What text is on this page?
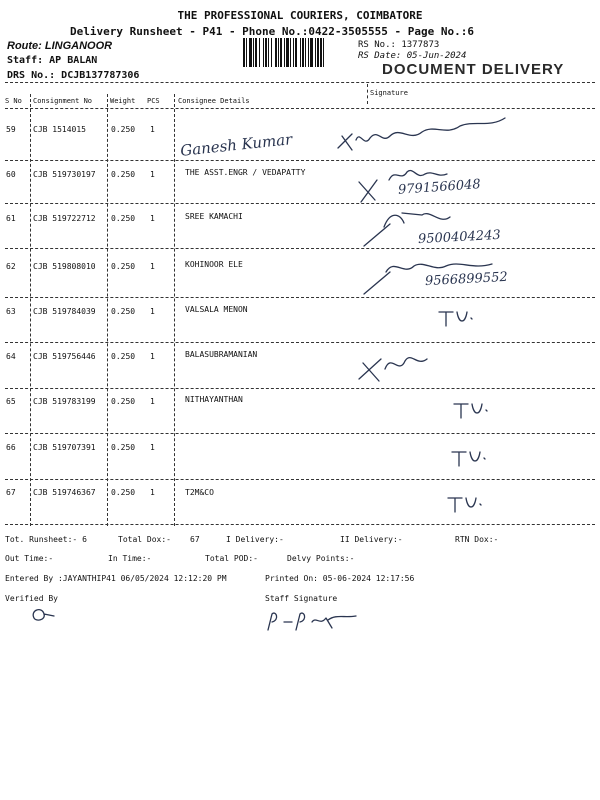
THE PROFESSIONAL COURIERS, COIMBATORE
Delivery Runsheet - P41 - Phone No.:0422-3505555 - Page No.:6
Route: LINGANOOR
Staff: AP BALAN
DRS No.: DCJB137787306
RS No.: 1377873
RS Date: 05-Jun-2024
DOCUMENT DELIVERY
S No Consignment No	Weight PCS	Consignee Details
Signature
59 CJB 1514015	0.250 1
60 CJB 519730197 0.250 1	THE ASST.ENGR / VEDAPATTY
61 CJB 519722712 0.250 1	SREE KAMACHI
62 CJB 519808010 0.250 1	KOHINOOR ELE
63 CJB 519784039 0.250 1	VALSALA MENON
64 CJB 519756446 0.250 1	BALASUBRAMANIAN
65 CJB 519783199 0.250 1	NITHAYANTHAN
66 CJB 519707391 0.250 1
67 CJB 519746367 0.250 1	T2M&CO
Ganesh Kumar
9791566048
9500404243
9566899552
Tot. Runsheet:- 6	Total Dox:- 67	I Delivery:-	II Delivery:-	RTN Dox:-
Out Time:-	In Time:-	Total POD:-	Delvy Points:-
Entered By :JAYANTHIP41 06/05/2024 12:12:20 PM	Printed On: 05-06-2024 12:17:56
Verified By	Staff Signature
